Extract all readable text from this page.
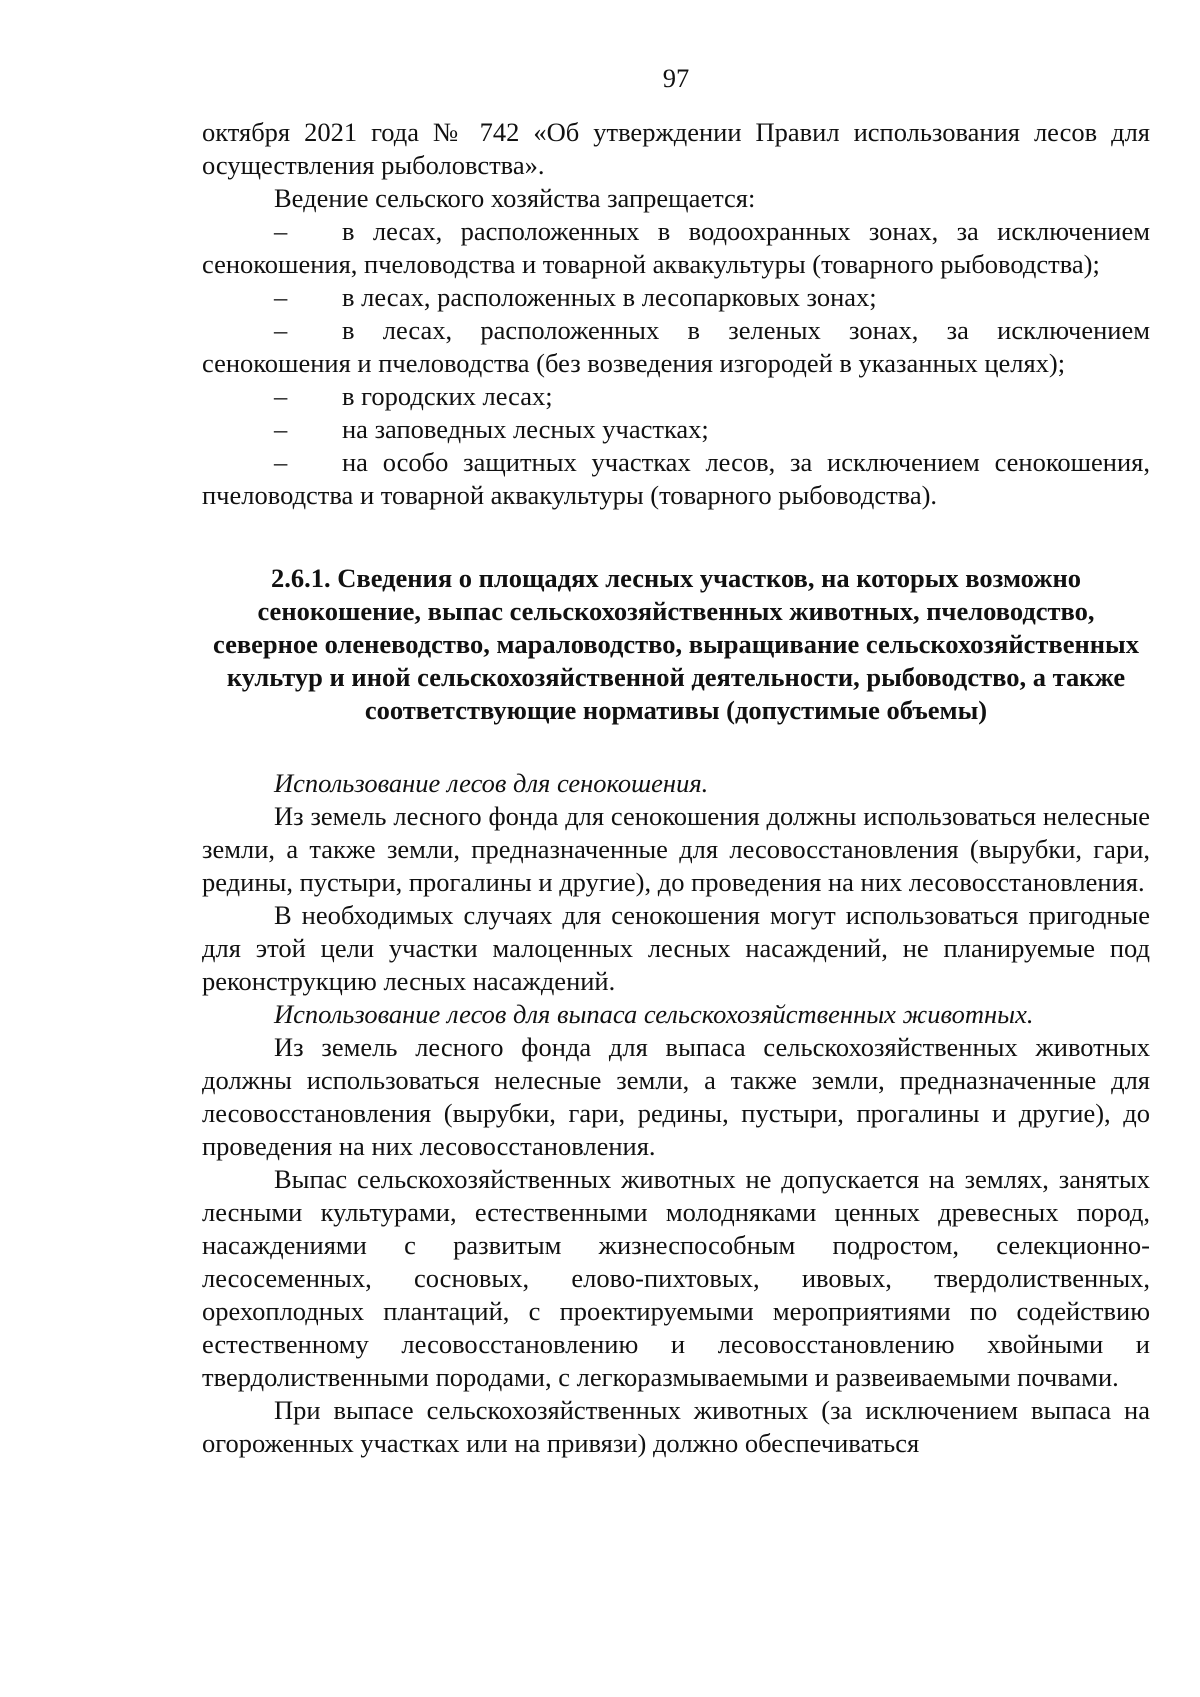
97

октября 2021 года № 742 «Об утверждении Правил использования лесов для осуществления рыболовства».

Ведение сельского хозяйства запрещается:

– в лесах, расположенных в водоохранных зонах, за исключением сенокошения, пчеловодства и товарной аквакультуры (товарного рыбоводства);

– в лесах, расположенных в лесопарковых зонах;

– в лесах, расположенных в зеленых зонах, за исключением сенокошения и пчеловодства (без возведения изгородей в указанных целях);

– в городских лесах;

– на заповедных лесных участках;

– на особо защитных участках лесов, за исключением сенокошения, пчеловодства и товарной аквакультуры (товарного рыбоводства).

2.6.1. Сведения о площадях лесных участков, на которых возможно сенокошение, выпас сельскохозяйственных животных, пчеловодство, северное оленеводство, мараловодство, выращивание сельскохозяйственных культур и иной сельскохозяйственной деятельности, рыбоводство, а также соответствующие нормативы (допустимые объемы)

Использование лесов для сенокошения.

Из земель лесного фонда для сенокошения должны использоваться нелесные земли, а также земли, предназначенные для лесовосстановления (вырубки, гари, редины, пустыри, прогалины и другие), до проведения на них лесовосстановления.

В необходимых случаях для сенокошения могут использоваться пригодные для этой цели участки малоценных лесных насаждений, не планируемые под реконструкцию лесных насаждений.

Использование лесов для выпаса сельскохозяйственных животных.

Из земель лесного фонда для выпаса сельскохозяйственных животных должны использоваться нелесные земли, а также земли, предназначенные для лесовосстановления (вырубки, гари, редины, пустыри, прогалины и другие), до проведения на них лесовосстановления.

Выпас сельскохозяйственных животных не допускается на землях, занятых лесными культурами, естественными молодняками ценных древесных пород, насаждениями с развитым жизнеспособным подростом, селекционно-лесосеменных, сосновых, елово-пихтовых, ивовых, твердолиственных, орехоплодных плантаций, с проектируемыми мероприятиями по содействию естественному лесовосстановлению и лесовосстановлению хвойными и твердолиственными породами, с легкоразмываемыми и развеиваемыми почвами.

При выпасе сельскохозяйственных животных (за исключением выпаса на огороженных участках или на привязи) должно обеспечиваться
